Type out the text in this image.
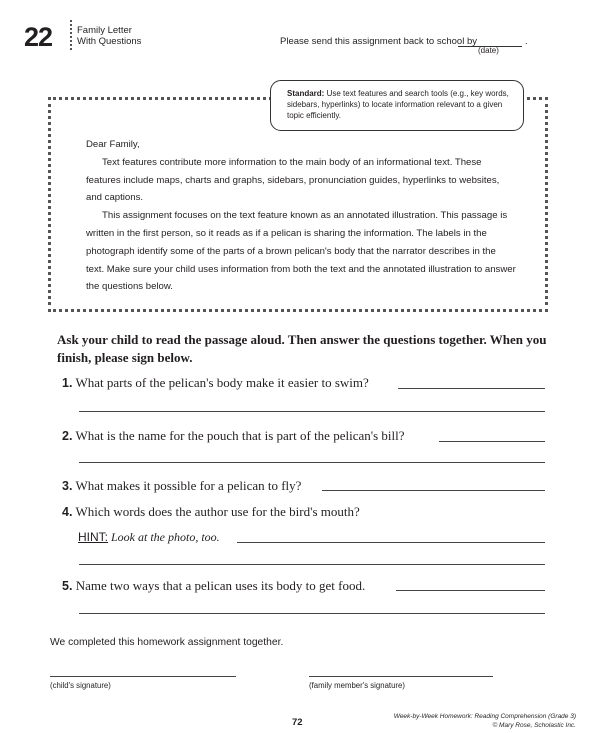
22	Family Letter
With Questions	Please send this assignment back to school by	.
(date)
Standard: Use text features and search tools (e.g., key words, sidebars, hyperlinks) to locate information relevant to a given topic efficiently.

Dear Family,

Text features contribute more information to the main body of an informational text. These features include maps, charts and graphs, sidebars, pronunciation guides, hyperlinks to websites, and captions.

This assignment focuses on the text feature known as an annotated illustration. This passage is written in the first person, so it reads as if a pelican is sharing the information. The labels in the photograph identify some of the parts of a brown pelican's body that the narrator describes in the text. Make sure your child uses information from both the text and the annotated illustration to answer the questions below.

Ask your child to read the passage aloud. Then answer the questions together. When you finish, please sign below.
1. What parts of the pelican's body make it easier to swim?
2. What is the name for the pouch that is part of the pelican's bill?
3. What makes it possible for a pelican to fly?
4. Which words does the author use for the bird's mouth?
HINT: Look at the photo, too.
5. Name two ways that a pelican uses its body to get food.
We completed this homework assignment together.
(child's signature)	(family member's signature)
72
Week-by-Week Homework: Reading Comprehension (Grade 3)
© Mary Rose, Scholastic Inc.
